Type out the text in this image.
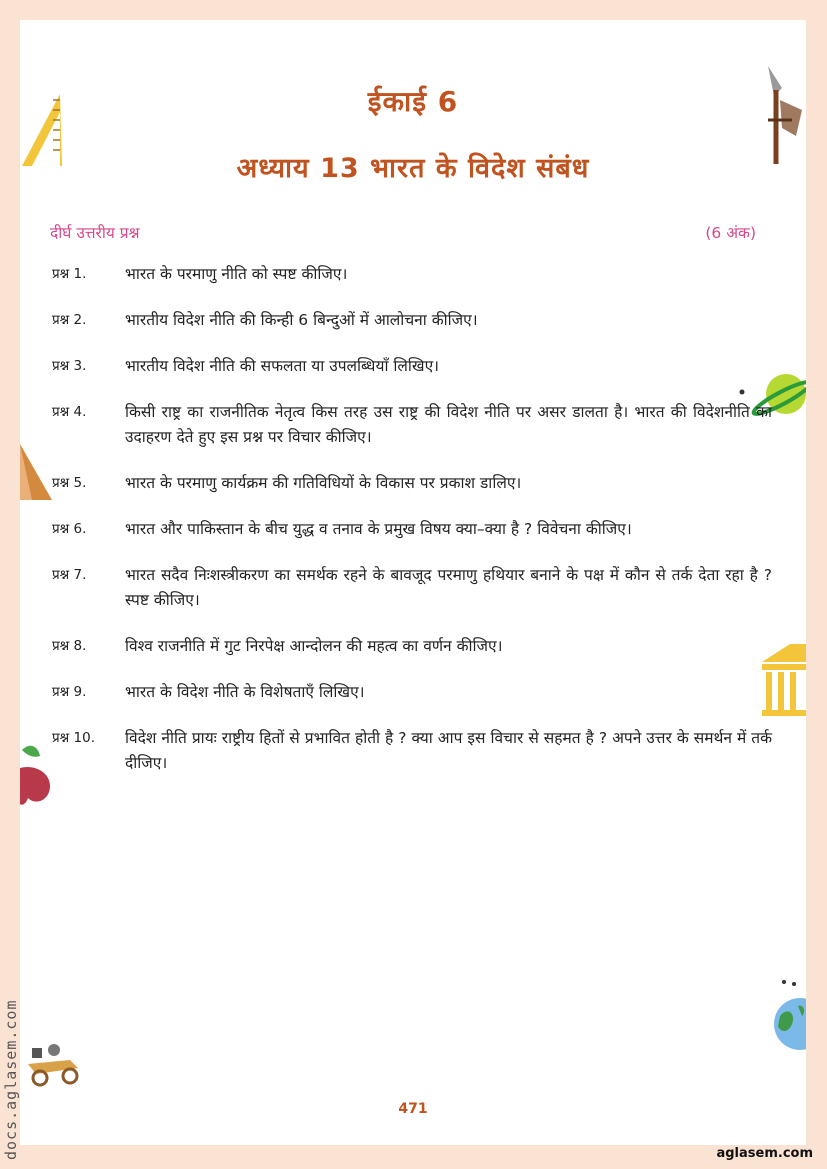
ईकाई 6
अध्याय 13 भारत के विदेश संबंध
दीर्घ उत्तरीय प्रश्न	(6 अंक)
प्रश्न 1.	भारत के परमाणु नीति को स्पष्ट कीजिए।
प्रश्न 2.	भारतीय विदेश नीति की किन्ही 6 बिन्दुओं में आलोचना कीजिए।
प्रश्न 3.	भारतीय विदेश नीति की सफलता या उपलब्धियाँ लिखिए।
प्रश्न 4.	किसी राष्ट्र का राजनीतिक नेतृत्व किस तरह उस राष्ट्र की विदेश नीति पर असर डालता है। भारत की विदेशनीति का उदाहरण देते हुए इस प्रश्न पर विचार कीजिए।
प्रश्न 5.	भारत के परमाणु कार्यक्रम की गतिविधियों के विकास पर प्रकाश डालिए।
प्रश्न 6.	भारत और पाकिस्तान के बीच युद्ध व तनाव के प्रमुख विषय क्या–क्या है ? विवेचना कीजिए।
प्रश्न 7.	भारत सदैव निःशस्त्रीकरण का समर्थक रहने के बावजूद परमाणु हथियार बनाने के पक्ष में कौन से तर्क देता रहा है ? स्पष्ट कीजिए।
प्रश्न 8.	विश्व राजनीति में गुट निरपेक्ष आन्दोलन की महत्व का वर्णन कीजिए।
प्रश्न 9.	भारत के विदेश नीति के विशेषताएँ लिखिए।
प्रश्न 10.	विदेश नीति प्रायः राष्ट्रीय हितों से प्रभावित होती है ? क्या आप इस विचार से सहमत है ? अपने उत्तर के समर्थन में तर्क दीजिए।
471
docs.aglasem.com	aglasem.com
